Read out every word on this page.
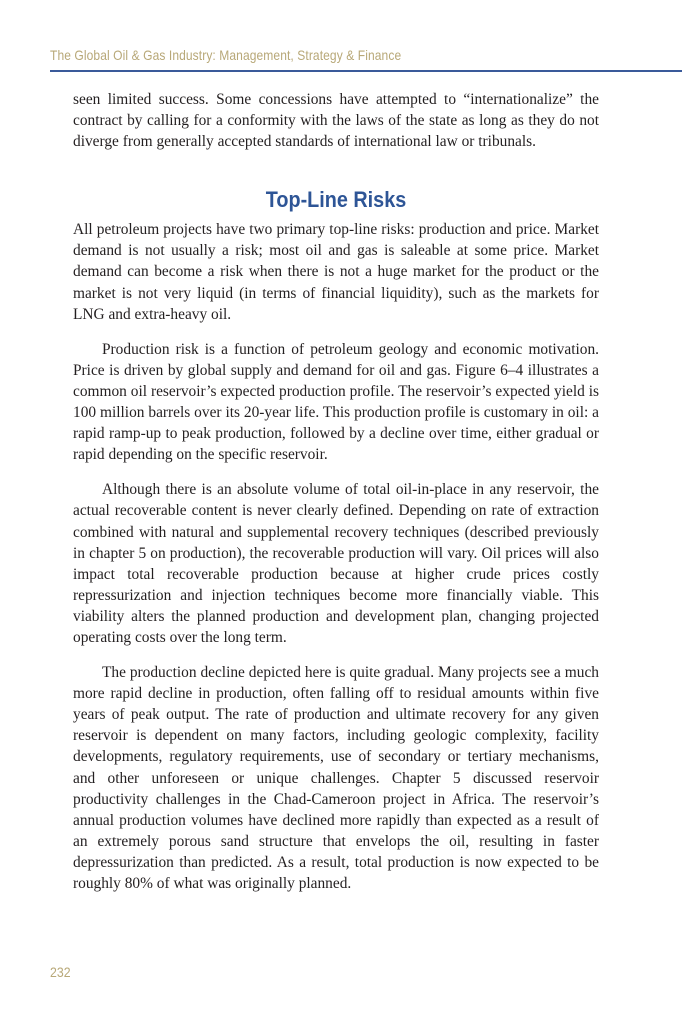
The Global Oil & Gas Industry: Management, Strategy & Finance

seen limited success. Some concessions have attempted to “internationalize” the contract by calling for a conformity with the laws of the state as long as they do not diverge from generally accepted standards of international law or tribunals.

Top-Line Risks

All petroleum projects have two primary top-line risks: production and price. Market demand is not usually a risk; most oil and gas is saleable at some price. Market demand can become a risk when there is not a huge market for the product or the market is not very liquid (in terms of financial liquidity), such as the markets for LNG and extra-heavy oil.

Production risk is a function of petroleum geology and economic motivation. Price is driven by global supply and demand for oil and gas. Figure 6–4 illustrates a common oil reservoir’s expected production profile. The reservoir’s expected yield is 100 million barrels over its 20-year life. This production profile is customary in oil: a rapid ramp-up to peak production, followed by a decline over time, either gradual or rapid depending on the specific reservoir.

Although there is an absolute volume of total oil-in-place in any reservoir, the actual recoverable content is never clearly defined. Depending on rate of extraction combined with natural and supplemental recovery techniques (described previously in chapter 5 on production), the recoverable production will vary. Oil prices will also impact total recoverable production because at higher crude prices costly repressurization and injection techniques become more financially viable. This viability alters the planned production and development plan, changing projected operating costs over the long term.

The production decline depicted here is quite gradual. Many projects see a much more rapid decline in production, often falling off to residual amounts within five years of peak output. The rate of production and ultimate recovery for any given reservoir is dependent on many factors, including geologic complexity, facility developments, regulatory requirements, use of secondary or tertiary mechanisms, and other unforeseen or unique challenges. Chapter 5 discussed reservoir productivity challenges in the Chad-Cameroon project in Africa. The reservoir’s annual production volumes have declined more rapidly than expected as a result of an extremely porous sand structure that envelops the oil, resulting in faster depressurization than predicted. As a result, total production is now expected to be roughly 80% of what was originally planned.

232
